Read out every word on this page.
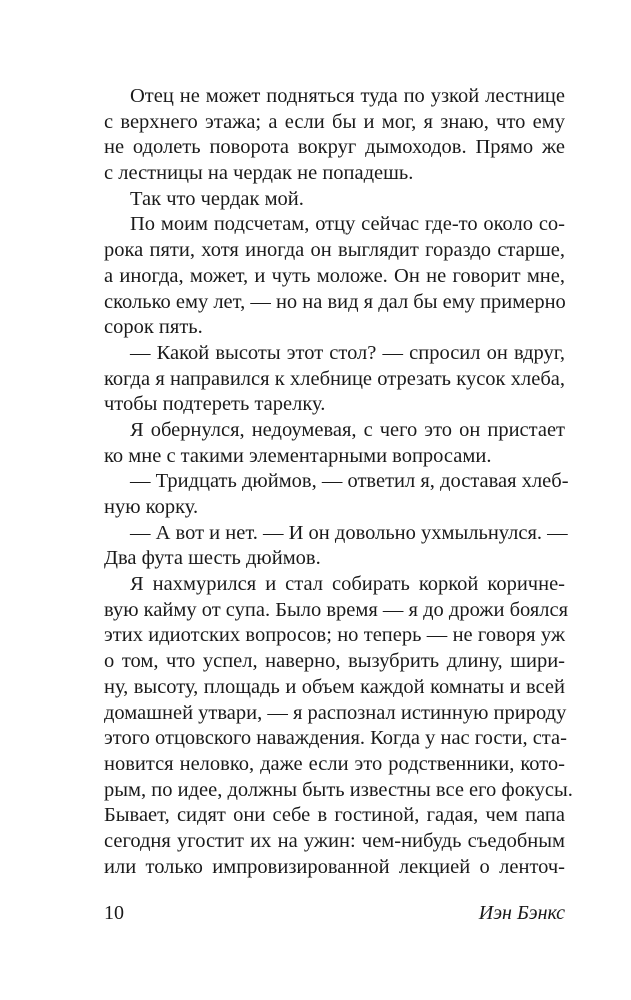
Отец не может подняться туда по узкой лестнице
с верхнего этажа; а если бы и мог, я знаю, что ему
не одолеть поворота вокруг дымоходов. Прямо же
с лестницы на чердак не попадешь.
Так что чердак мой.
По моим подсчетам, отцу сейчас где-то около со-
рока пяти, хотя иногда он выглядит гораздо старше,
а иногда, может, и чуть моложе. Он не говорит мне,
сколько ему лет, — но на вид я дал бы ему примерно
сорок пять.
— Какой высоты этот стол? — спросил он вдруг,
когда я направился к хлебнице отрезать кусок хлеба,
чтобы подтереть тарелку.
Я обернулся, недоумевая, с чего это он пристает
ко мне с такими элементарными вопросами.
— Тридцать дюймов, — ответил я, доставая хлеб-
ную корку.
— А вот и нет. — И он довольно ухмыльнулся. —
Два фута шесть дюймов.
Я нахмурился и стал собирать коркой коричне-
вую кайму от супа. Было время — я до дрожи боялся
этих идиотских вопросов; но теперь — не говоря уж
о том, что успел, наверно, вызубрить длину, шири-
ну, высоту, площадь и объем каждой комнаты и всей
домашней утвари, — я распознал истинную природу
этого отцовского наваждения. Когда у нас гости, ста-
новится неловко, даже если это родственники, кото-
рым, по идее, должны быть известны все его фокусы.
Бывает, сидят они себе в гостиной, гадая, чем папа
сегодня угостит их на ужин: чем-нибудь съедобным
или только импровизированной лекцией о ленточ-
10	Иэн Бэнкс
